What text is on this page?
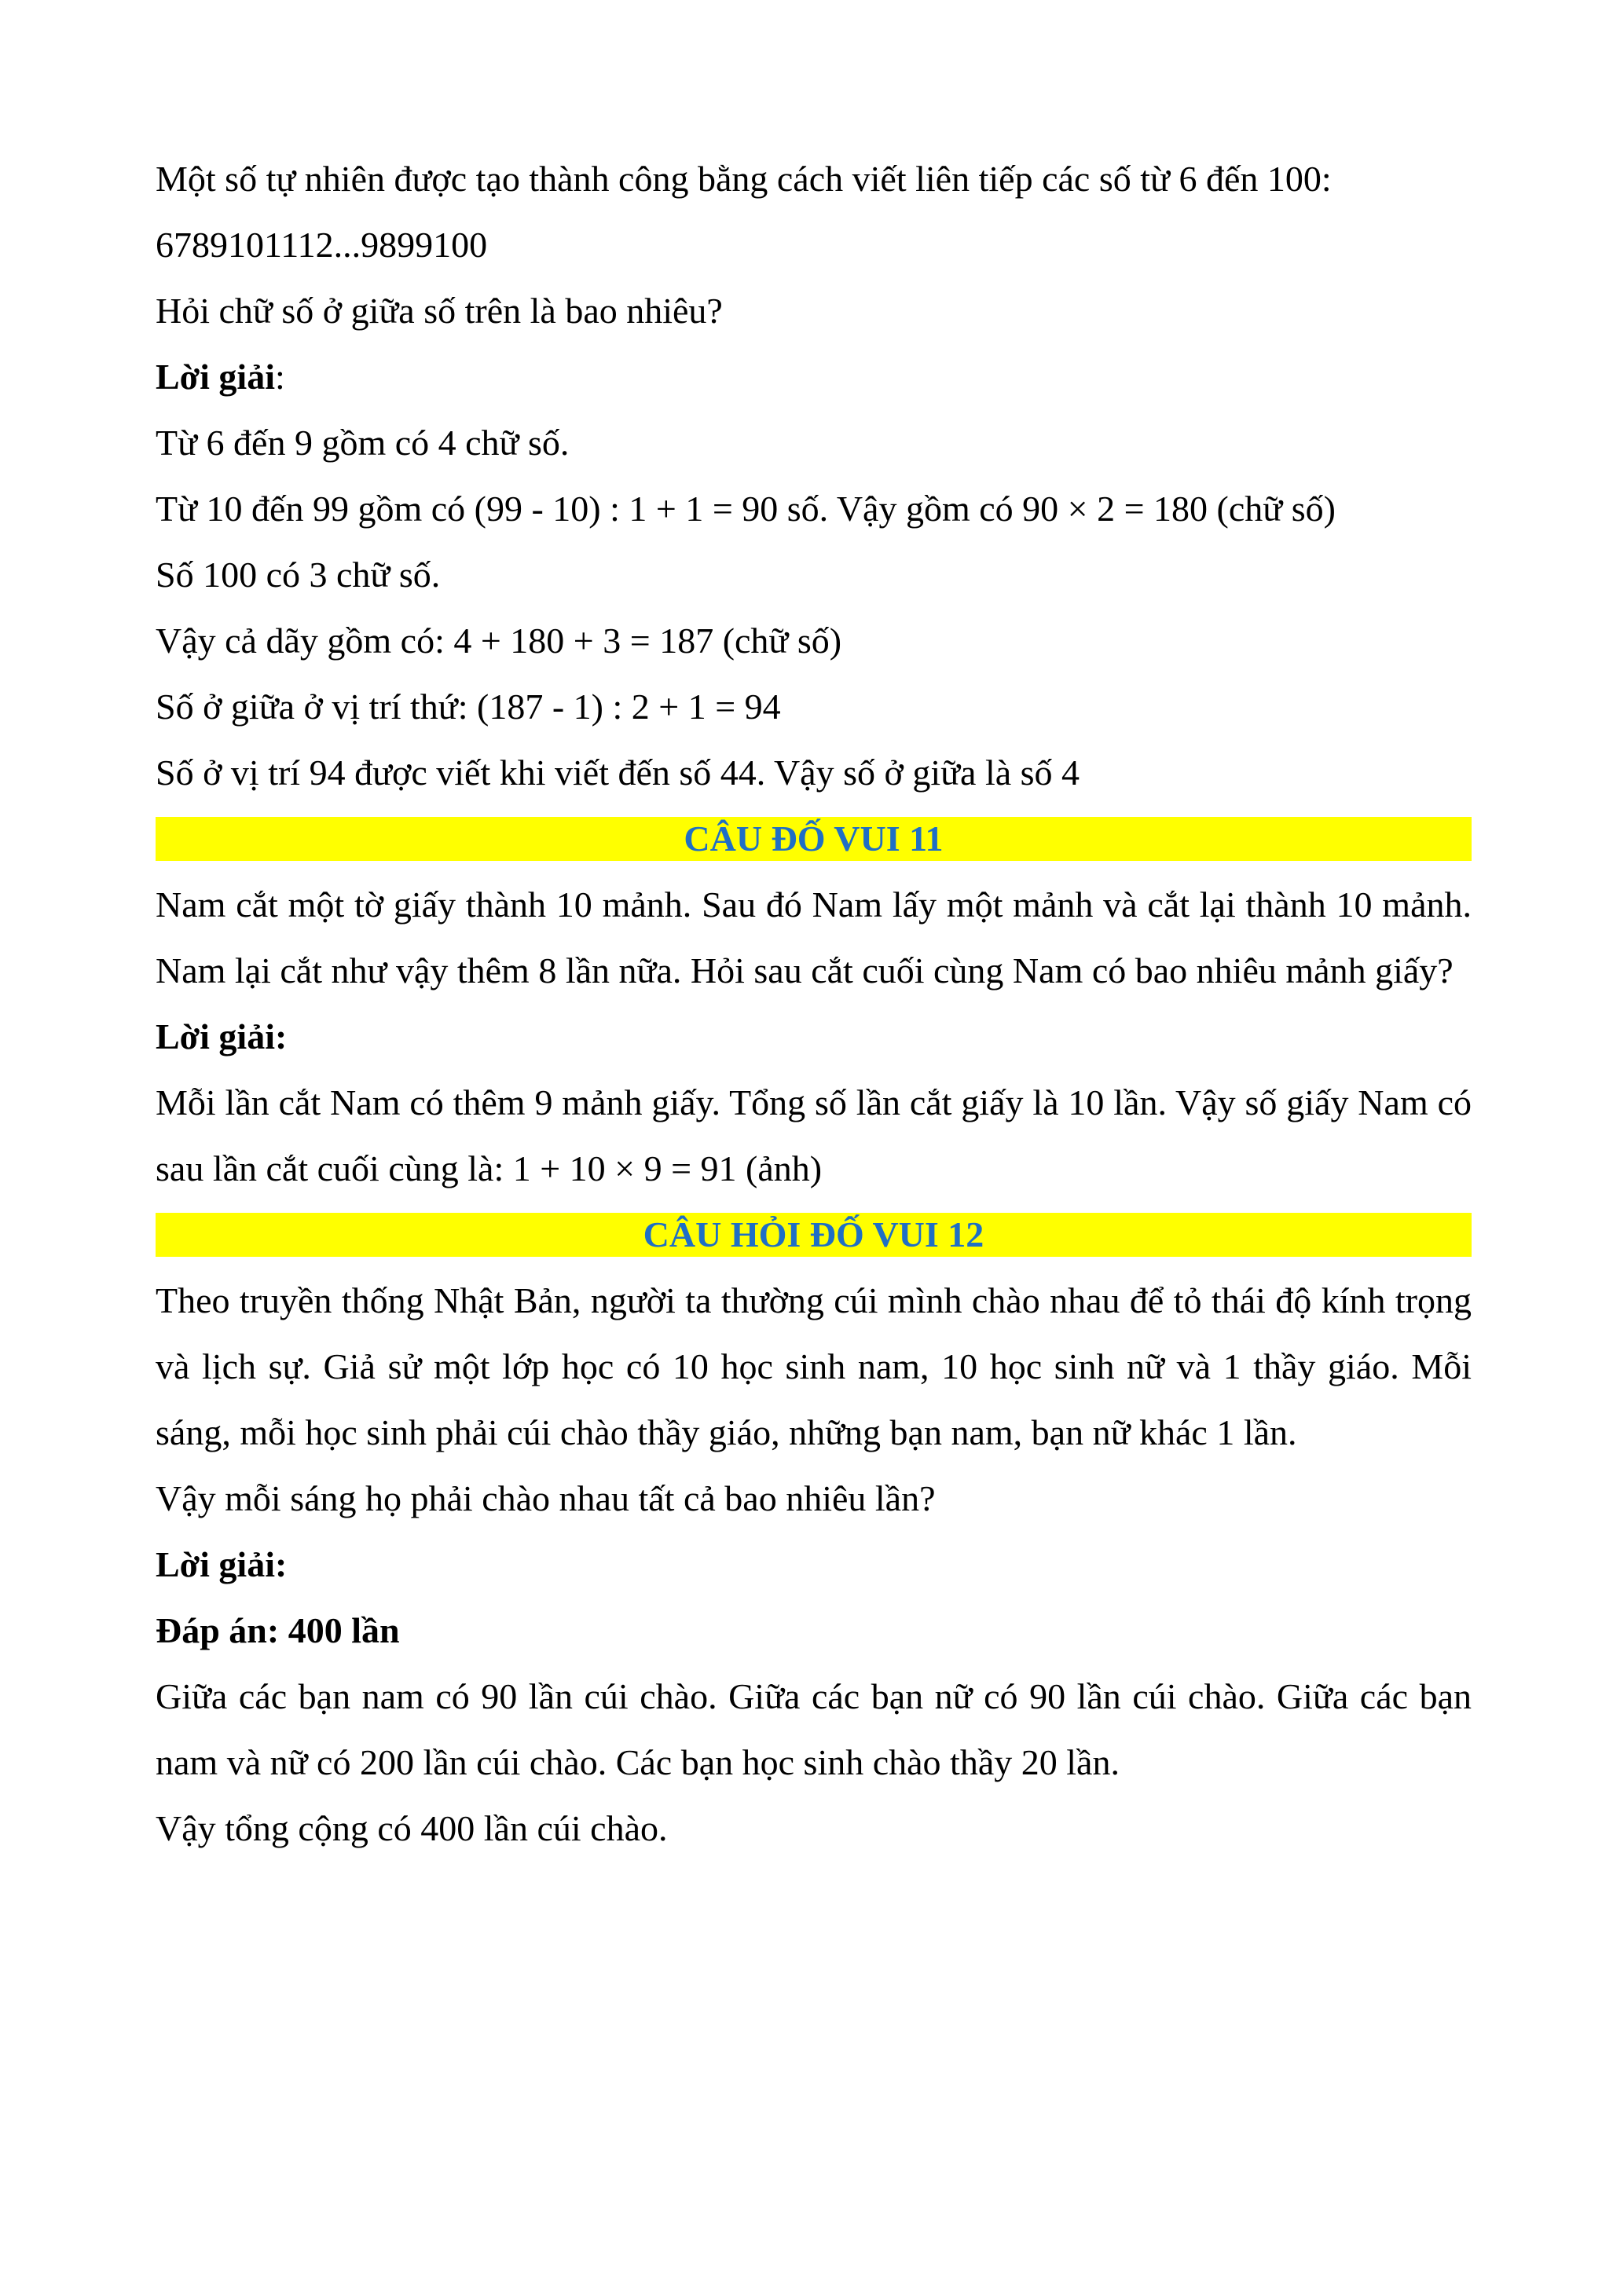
Một số tự nhiên được tạo thành công bằng cách viết liên tiếp các số từ 6 đến 100:

6789101112...9899100

Hỏi chữ số ở giữa số trên là bao nhiêu?

Lời giải:

Từ 6 đến 9 gồm có 4 chữ số.

Từ 10 đến 99 gồm có (99 - 10) : 1 + 1 = 90 số. Vậy gồm có 90 × 2 = 180 (chữ số)

Số 100 có 3 chữ số.

Vậy cả dãy gồm có: 4 + 180 + 3 = 187 (chữ số)

Số ở giữa ở vị trí thứ: (187 - 1) : 2 + 1 = 94

Số ở vị trí 94 được viết khi viết đến số 44. Vậy số ở giữa là số 4

CÂU ĐỐ VUI 11

Nam cắt một tờ giấy thành 10 mảnh. Sau đó Nam lấy một mảnh và cắt lại thành 10 mảnh. Nam lại cắt như vậy thêm 8 lần nữa. Hỏi sau cắt cuối cùng Nam có bao nhiêu mảnh giấy?

Lời giải:

Mỗi lần cắt Nam có thêm 9 mảnh giấy. Tổng số lần cắt giấy là 10 lần. Vậy số giấy Nam có sau lần cắt cuối cùng là: 1 + 10 × 9 = 91 (ảnh)

CÂU HỎI ĐỐ VUI 12

Theo truyền thống Nhật Bản, người ta thường cúi mình chào nhau để tỏ thái độ kính trọng và lịch sự. Giả sử một lớp học có 10 học sinh nam, 10 học sinh nữ và 1 thầy giáo. Mỗi sáng, mỗi học sinh phải cúi chào thầy giáo, những bạn nam, bạn nữ khác 1 lần.

Vậy mỗi sáng họ phải chào nhau tất cả bao nhiêu lần?

Lời giải:

Đáp án: 400 lần

Giữa các bạn nam có 90 lần cúi chào. Giữa các bạn nữ có 90 lần cúi chào. Giữa các bạn nam và nữ có 200 lần cúi chào. Các bạn học sinh chào thầy 20 lần.

Vậy tổng cộng có 400 lần cúi chào.
